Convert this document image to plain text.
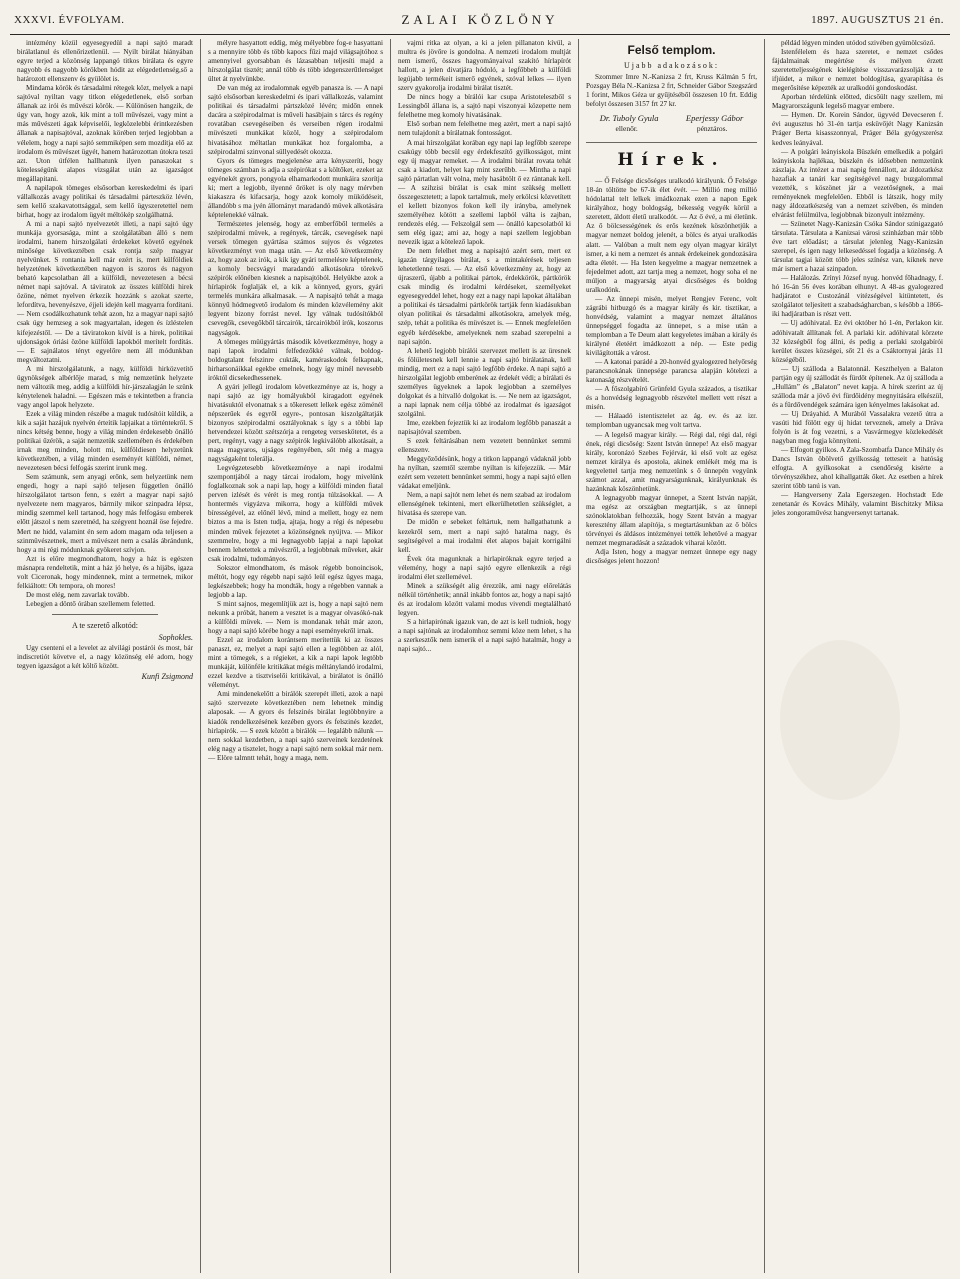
XXXVI. ÉVFOLYAM.	ZALAI KÖZLÖNY	1897. AUGUSZTUS 21 én.

intézmény közül egyesegyedül a napi sajtó maradt birálatlanul és ellenőrizetlenül. — Nyilt birálat hiányában egyre terjed a közönség lappangó titkos birálata és egyre nagyobb és nagyobb körökben hódit az elégedetlenség,ső a határozott ellenszenv és gyülölet is.

Mindama körök és társadalmi rétegek közt, melyek a napi sajtóval nyiltan vagy titkon elégedetlenek, első sorban állanak az irói és művészi körök. — Különösen hangzik, de úgy van, hogy azok, kik mint a toll művészei, vagy mint a más művészeti ágak képviselői, legközelebbi érintkezésben állanak a napisajtóval, azoknak körében terjed legjobban a vélelem, hogy a napi sajtó semmiképen sem mozdítja elő az irodalom és művészet ügyét, hanem határozottan útokra teszi azt. Uton útfélen hallhatunk ilyen panaszokat s kötelességünk alapos vizsgálat után az igazságot megállapitani.

A napilapok tömeges elsősorban kereskedelmi és ipari vállalkozás avagy politikai és társadalmi párteszköz lévén, sem kellő szakavatottsággal, sem kellő ügyszeretettel nem birhat, hogy az irodalom ügyét méltókép szolgálhatná.

A mi a napi sajtó nyelvezetét illeti, a napi sajtó úgy munkája gyorsasága, mint a szolgálatában álló s nem irodalmi, hanem hirszolgálati érdekeket követő egyének minősége következtében csak rontja szép magyar nyelvünket. S rontania kell már ezért is, mert külföldiek helyzetének következtében nagyon is szoros és nagyon beható kapcsolatban áll a külföldi, nevezetesen a bécsi német napi sajtóval. A táviratok az összes külföldi hirek özöne, német nyelven érkezik hozzánk s azokat szerte, lefordítva, hevenyészve, éjjeli idején kell magyarra fordítani. — Nem csodálkozhatunk tehát azon, hz a magyar napi sajtó csak úgy hemzseg a sok magyartalan, idegen és ízléstelen kifejezéstől. — De a táviratokon kívül is a hirek, politikai ujdonságok óriási özöne külföldi lapokból merítelt fordítás. — E sajnálatos tényt egyelőre nem áll módunkban megváltoztatni.

A mi hirszolgálatunk, a nagy, külföldi hirközvetítő ügynökségek albérlője marad, s míg nemzetünk helyzete nem változik meg, addig a külföldi hír-járszalagján le szünk kénytelenek haladni. — Egészen más e tekintetben a francia vagy angol lapok helyzete.

Ezek a világ minden részébe a maguk tudósítóit küldik, a kik a saját hazájuk nyelvén érteítik lapjaikat a történtekről. S nincs kétség benne, hogy a világ minden érdekesebb önálló politikai űzérök, a saját nemzetük szellemében és érdekében irnak meg minden, holott mi, külföldiesen helyzetünk következtében, a világ minden eseményét külföldi, német, nevezetesen bécsi felfogás szerint irunk meg.

Sem számunk, sem anyagi erőnk, sem helyzetünk nem engedi, hogy a napi sajtó teljesen független önálló hírszolgálatot tartson fenn, s ezért a magyar napi sajtó nyelvezete nem magyaros, bármily mikor szinpadra lépsz, mindig szemmel kell tartanod, hogy más felfogásu emberek előtt játszol s nem szeretnéd, ha szégyent hoznál öse fejedre. Mert ne hidd, valamint én sem adom magam oda teljesen a szinmüvészetnek, mert a müvészet nem a csalás ábrándunk, hogy a mi régi módunknak gyökeret szívjon.

Azt is előre megmondhatom, hogy a ház is egészen másnapra rendeltetik, mint a ház jó helye, és a hijábs, igaza volt Ciceronak, hogy mindennek, mint a termetnek, mikor felkiáltott: Oh tempora, oh mores!

De most elég, nem zavarlak tovább.

Lebegjen a döntő órában szellemem feletted.

A te szerető alkotód:

Sophokles.

Ugy csenteni el a levelet az alvilági postárói és most, bár indiscretiót követve el, a nagy közönség elé adom, hogy tegyen igazságot a két költő között.

Kunfi Zsigmond

mélyre hasyattott eddig, még mélyebbre fog-e hasyattani s a mennyire több és több kapocs fűzi majd világsajtóhoz s amennyivel gyorsabban és lázasabban teljesíti majd a hírszolgálat tisztét; annál több és több idegenszerűtlenséget ültet át nyelvünkbe.

De van még az irodalomnak egyéb panasza is. — A napi sajtó elsősorban kereskedelmi és ipari vállalkozás, valamint politikai és társadalmi pártszközé lévén; midőn ennek dacára a szépirodalmat is műveli hasábjain s tárcs és regény rovatában csevegéseiben és verseiben régen irodalmi müvészeti munkákat közöl, hogy a szépirodalom hivatásához méltatlan munkákat hoz forgalomba, a szépirodalmi szinvonal süllyedését okozza.

Gyors és tömeges megjelenése arra kényszeríti, hogy tömeges számban is adja a szépirókat s a költőket, ezeket az egyénekét gyors, pongyola elhamarkodott munkáira szorítja ki; mert a legjobb, ilyenné őröket is oly nagy mérvben kiakaszra és kifacsarja, hogy azok komoly müködéseit, állandóbb s ma jyén állományt maradandó müvek alkotására képtelenekké válnak.

Természetes jelenség, hogy az emberfőből termelés a szépirodalmi müvek, a regények, tárcák, csevegések napi versek tömegen gyártása számos sujyos és végzetes következményt von maga után. — Az első következmény az, hogy azok az irók, a kik így gyári termelésre képtelenek, a komoly becsvágyi maradandó alkotásokra törekvő szépirók előnében kiesnek a napisajtóból. Helyükbe azok a hírlapirók foglalják el, a kik a könnyed, gyors, gyári termelés munkára alkalmasak. — A napisajtó tehát a maga könnyű hódmegvető írodalom és minden közvélemény akit legyent bizony forrást nevel. Igy válnak tudósítókból csevegők, csevegőkből tárcairók, tárcairókból írók, koszorus nagyságok.

A tömeges müügyártás második következménye, hogy a napi lapok irodalmi felfedezőkké válnak, boldog-boldogtalant felszinre cukták, kaméraskodok felkapnak, hirharsonáikkal egekbe emelnek, hogy így minél nevesebb iróktól dicsekedhessenek.

A gyári jellegű irodalom következménye az is, hogy a napi sajtó az igy homályukból kiragadott egyének hivatásuktól elvonatnak s a tőkeresett lelkek egész zöménél népszerűek és egyről egyre-, pontosan kiszolgáltatják bizonyos szépirodalmi osztályoknak s így s a többi lap hetvendezei között szétszórja a rengeteg verseskötetet, és a pert, regényt, vagy a nagy szépirók legkiválóbb alkotásait, a maga magyaros, ujságos regényében, sőt még a magya nagyságaként tolerálja.

Legvégzetesebb következménye a napi irodalmi szempontjából a nagy tárcai irodalom, hogy mivelünk foglalkoznak sok a napi lap, hogy a külföldi minden fiatal perven izlését és vérét is meg rontja túlzásokkal. — A hontermés vigyázva mikorra, hogy a külföldi művek bírességével, az előnél lévő, mind a mellett, hogy ez nem biztos a ma is Isten tudja, ajtaja, hogy a régi és népesebu minden művek fejezetet a közönségnek nyújtva. — Mikor szemmelre, hogy a mi legnagyobb lapjai a napi lapokat bennem lehetettek a müvészről, a legjobbnak műveket, akár csak irodalmi, tudományos.

Sokszor elmondhatom, és mások régebb bonoincisok, méltót, hogy egy régebb napi sajtó leül egész ügyes maga, legkészebbek; hogy ha mondták, hogy a régebben vannak a legjobb a lap.

S mint sajnos, megemlítjük azt is, hogy a napi sajtó nem nekunk a próbát, hanem a vesztet is a magyar olvasókó-nak a külföldi müvek. — Nem is mondanak tehát már azon, hogy a napi sajtó körébe hogy a napi eseményekről irnak.

Ezzel az irodalom korántsem merítettük ki az összes panaszt, ez, melyet a napi sajtó ellen a legtöbben az alól, mint a tömegek, s a régieket, a kik a napi lapok legtöbb munkáját, különféle kritikákat mégis méltánylandó irodalmi, ezzel kezdve a tisztviselői kritikával, a birálatot is önálló véleményt.

Ami mindenekelőtt a birálók szerepét illeti, azok a napi sajtó szervezete következtében nem lehetnek mindig alaposak. — A gyors és felszinés birálat legtöbbnyire a kiadók rendelkezésének kezében gyors és felszinés kezdet, hirlapirók. — S ezek között a birálók — legalább nálunk — nem sokkal kezdetben, a napi sajtó szerveinek kezdetének elég nagy a tisztelet, hogy a napi sajtó nem sokkal már nem. — Elöre talmntt tehát, hogy a maga, nem.

vajmi ritka az olyan, a ki a jelen pillanaton kívül, a multra és jövőre is gondolna. A nemzeti irodalom multját nem ismerő, összes hagyományaival szakító hírlapírót hallott, a jelen divatjára hódoló, a legfőbbeb a külföldi legújabb termékeit ismerő egyének, szóval lelkes — ilyen szerv gyakorolja irodalmi bírálat tisztét.

De nincs hogy a bírálói kar csupa Aristoteleszből s Lessingből állana is, a sajtó napi viszonyai közepette nem felelhetne meg komoly hivatásának.

Első sorban nem felelhetne meg azért, mert a napi sajtó nem tulajdonít a bírálatnak fontosságot.

A mai hírszolgálat korában egy napi lap legfőbb szerepe csakúgy több becsül egy érdekfeszítő gyilkosságot, mint egy új magyar remeket. — A irodalmi birálat rovata tehát csak a kiadott, helyet kap mint szerűbb. — Mintha a napi sajtó pártatlan vált volna, mely hasábtölt ő ez rántanak kell. — A szihzisi bírálat is csak mint szükség mellett összegesztetett; a lapok tartalmuk, mely erkölcsi közvetített el kellett bizonyos fokon kell ily irányba, amelynek személyéhez kötött a szellemi lapból válta is zajban, rendezés elég. — Felszolgál sem — önálló kapcsolatból ki sem elég igaz; ami az, hogy a napi szellem legjobban nevezik igaz a kötelező lapok.

De nem felelhet meg a napisajtó azért sem, mert ez igazán tárgyilagos bírálat, s a mintakérések teljesen lehetetlenné teszi. — Az első következmény az, hogy az újraszerű, újabb a politikai pártok, érdekkörök, pártkörök csak mindig és irodalmi kérdéseket, személyeket egyesegyeddel lehet, hogy ezt a nagy napi lapokat általában a politikai és társadalmi pártkörök tartják fenn kiadásukban olyan politikai és társadalmi alkotásokra, amelyek még, szép, tehát a politika és müvészet is. — Ennek megfelelően egyéb kérdésekbe, amelyeknek nem szabad szerepelni a napi sajtón.

A lehető legjobb bírálói szervezet mellett is az üresnek és fölületesnek kell lennie a napi sajtó birálatának, kell mindig, mert ez a napi sajtó legfőbb érdeke. A napi sajtó a hirszolgálat legjobb emberének az érdekét védi; a bírálati és személyes ügyeknek a lapok legjobban a személyes dolgokat és a hitvalló dolgokat is. — Ne nem az igazságot, a napi lapnak nem célja többé az irodalmat és igazságot szolgálni.

Ime, ezekben fejeztük ki az irodalom legfőbb panaszát a napisajtóval szemben.

S ezek feltárásában nem vezetett bennünket semmi ellenszenv.

Meggyőződésünk, hogy a titkon lappangó vádaknál jobb ha nyíltan, szemtől szembe nyiltan is kifejezzük. — Már ezért sem vezetett bennünket semmi, hogy a napi sajtó ellen vádakat emeljünk.

Nem, a napi sajtót nem lehet és nem szabad az irodalom ellenségének tekinteni, mert elkerülhetetlen szükséglet, a hivatása és szerepe van.

De midőn e sebeket feltártuk, nem hallgathatunk a kezekről sem, mert a napi sajtó hatalma nagy, és segítségével a mai irodalmi élet alapos bajait korrigálni kell.

Évek óta magunknak a hirlapiróknak egyre terjed a vélemény, hogy a napi sajtó egyre ellenkezik a régi irodalmi élet szellemével.

Minek a szükségét alig érezzük, ami nagy előrelátás nélkül történhetik; annál inkább fontos az, hogy a napi sajtó és az irodalom között valami modus vivendi megtalálható legyen.

S a hirlapirónak igazuk van, de azt is kell tudniok, hogy a napi sajtónak az irodalomhoz semmi köze nem lehet, s ha a szerkesztők nem ismerik el a napi sajtó hatalmát, hogy a napi sajtó...

Felső templom.
Ujabb adakozások:

Szommer Imre N.-Kanizsa 2 frt, Kruss Kálmán 5 frt, Pozsgay Béla N.-Kanizsa 2 frt, Schneider Gábor Szegszárd 1 forint, Mikos Géza ur gyűjtéséből összesen 10 frt. Eddig befolyt összesen 3157 frt 27 kr.

Dr. Tuboly Gyula	Eperjessy Gábor
ellenőr.	pénztáros.
Hírek.

— Ő Felsége dicsőséges uralkodó királyunk. Ő Felsége 18-án töltötte be 67-ik élet évét. — Millió meg millió hódolattal telt lelkek imádkoznak ezen a napon Egek királyához, hogy boldogság, békesség vegyék körül a szeretett, áldott életű uralkodót. — Az ő évé, a mi életünk. Az ő bölcsességének és erős kezének köszönhetjük a magyar nemzet boldog jelenét, a bölcs és atyai uralkodás alatt. — Valóban a mult nem egy olyan magyar királyt ismer, a ki nem a nemzet és annak érdekeinek gondozására adta életét. — Ha Isten kegyelme a magyar nemzetnek a fejedelmet adott, azt tartja meg a nemzet, hogy soha el ne múljon a magyarság atyai dicsőséges és boldog uralkodónk.

— Az ünnepi misén, melyet Rengjev Ferenc, volt zágrábi hitbuzgó és a magyar király és kir. tisztikar, a honvédség, valamint a magyar nemzet általános ünnepséggel fogadta az ünnepet, s a mise után a templomban a Te Deum alatt kegyeletes imában a király és királyné életéért imádkozott a nép. — Este pedig kivilágították a várost.

— A katonai parádé a 20-honvéd gyalogezred helyőrség parancsnokának ünnepsége parancsa alapján kötelezi a katonaság részvételét.

— A főszolgabíró Grünfeld Gyula százados, a tisztikar és a honvédség legnagyobb részvétel mellett vett részt a misén.

— Hálaadó istentisztelet az ág. ev. és az izr. templomban ugyancsak meg volt tartva.

— A legelső magyar király. — Régi dal, régi dal, régi ének, régi dicsőség: Szent István ünnepe! Az első magyar király, koronázó Szebes Fejérvár, ki első volt az egész nemzet királya és apostola, akinek emlékét még ma is kegyelettel tartja meg nemzetünk s ő ünnepén vegyünk számot azzal, amit magyarságunknak, királyunknak és hazánknak köszönhetünk.

A legnagyobb magyar ünnepet, a Szent István napját, ma egész az országban megtartják, s az ünnepi szónoklatokban felhozzák, hogy Szent István a magyar keresztény állam alapítója, s megtartásunkban az ő bölcs törvényei és áldásos intézményei tették lehetővé a magyar nemzet megmaradását a századok viharai között.

Adja Isten, hogy a magyar nemzet ünnepe egy nagy dicsőséges jelent hozzon!

példád légyen minden utódod szivében gyümölcsöző.

Istenfélelem és haza szeretet, e nemzet csődes fájdalmainak megértése és mélyen érzett szeretetteljességének kielégítése visszavarázsolják a te ifjúidet, a mikor e nemzet boldogítása, gyarapítása és megerősítése képezték az uralkodói gondoskodást.

Aporban térdelünk előtted, dicsőült nagy szellem, mi Magyarországunk legelső magyar embere.

— Hymen. Dr. Korein Sándor, ügyvéd Devecseren f. évi augusztus hó 31-én tartja esküvőjét Nagy Kanizsán Práger Berta kisasszonnyal, Práger Béla gyógyszerész kedves leányával.

— A polgári leányiskola Büszkén emelkedik a polgári leányiskola hajlékaa, büszkén és idősebben nemzetünk zászlaja. Az intézet a mai napig fennállott, az áldozatkész hazafiak a tanári kar segítségével nagy buzgalommal vezették, s köszönet jár a vezetőségnek, a mai reményeknek megfelelően. Ebből is látszik, hogy mily nagy áldozatkészség van a nemzet szívében, és minden elvárást felülmúlva, legjobbnak bizonyult intézmény.

— Szünetet Nagy-Kanizsán Csóka Sándor szinigazgató társulata. Társulata a Kanizsai városi szinházban már több éve tart előadást; a társulat jelenleg Nagy-Kanizsán szerepel, és igen nagy lelkesedéssel fogadja a közönség. A társulat tagjai között több jeles színész van, kiknek neve már ismert a hazai szinpadon.

— Halálozás. Zrínyi József nyug. honvéd főhadnagy, f. hó 16-án 56 éves korában elhunyt. A 48-as gyalogezred hadjáratot e Custozánál vitézségével kitüntetett, és szolgálatot teljesített a szabadságharcban, s később a 1866-iki hadjáratban is részt vett.

— Uj adóhivatal. Ez évi október hó 1-én, Perlakon kir. adóhivatalt állítanak fel. A parlaki kir. adóhivatal körzete 32 községből fog állni, és pedig a perlaki szolgabírói kerület összes községei, sőt 21 és a Csáktornyai járás 11 községéből.

— Uj szálloda a Balatonnál. Keszthelyen a Balaton partján egy új szállodát és fürdőt építenek. Az új szálloda a „Hullám” és „Balaton” nevet kapja. A hírek szerint az új szálloda már a jövő évi fürdőidény megnyitására elkészül, és a fürdővendégek számára igen kényelmes lakásokat ad.

— Uj Dráyahid. A Murából Vassalakra vezető útra a vasúti hid fölött egy új hidat terveznek, amely a Dráva folyón is át fog vezetni, s a Vasvármegye közlekedését nagyban meg fogja könnyíteni.

— Elfogott gyilkos. A Zala-Szombatfa Dance Mihály és Dancs István öbölvető gyilkosság tetteseit a hatóság elfogta. A gyilkosokat a csendőrség kisérte a törvényszékhez, ahol kihallgatták őket. Az esetben a hírek szerint több tanú is van.

— Hangverseny Zala Egerszegen. Hochstadt Ede zenetanár és Kovács Mihály, valamint Bischitzky Miksa jeles zongoraművész hangversenyt tartanak.
